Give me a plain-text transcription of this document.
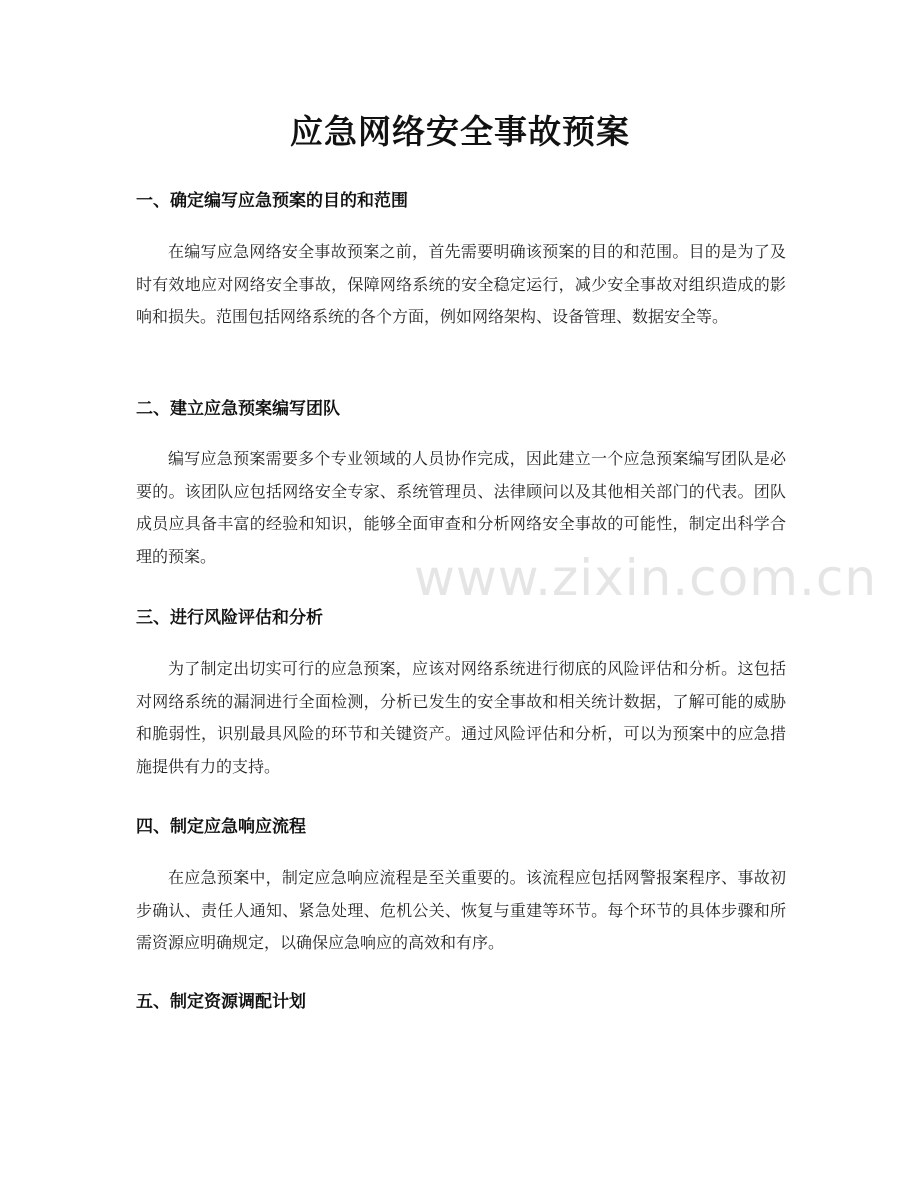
应急网络安全事故预案
一、确定编写应急预案的目的和范围
在编写应急网络安全事故预案之前，首先需要明确该预案的目的和范围。目的是为了及时有效地应对网络安全事故，保障网络系统的安全稳定运行，减少安全事故对组织造成的影响和损失。范围包括网络系统的各个方面，例如网络架构、设备管理、数据安全等。
二、建立应急预案编写团队
编写应急预案需要多个专业领域的人员协作完成，因此建立一个应急预案编写团队是必要的。该团队应包括网络安全专家、系统管理员、法律顾问以及其他相关部门的代表。团队成员应具备丰富的经验和知识，能够全面审查和分析网络安全事故的可能性，制定出科学合理的预案。
三、进行风险评估和分析
为了制定出切实可行的应急预案，应该对网络系统进行彻底的风险评估和分析。这包括对网络系统的漏洞进行全面检测，分析已发生的安全事故和相关统计数据，了解可能的威胁和脆弱性，识别最具风险的环节和关键资产。通过风险评估和分析，可以为预案中的应急措施提供有力的支持。
四、制定应急响应流程
在应急预案中，制定应急响应流程是至关重要的。该流程应包括网警报案程序、事故初步确认、责任人通知、紧急处理、危机公关、恢复与重建等环节。每个环节的具体步骤和所需资源应明确规定，以确保应急响应的高效和有序。
五、制定资源调配计划
www.zixin.com.cn
